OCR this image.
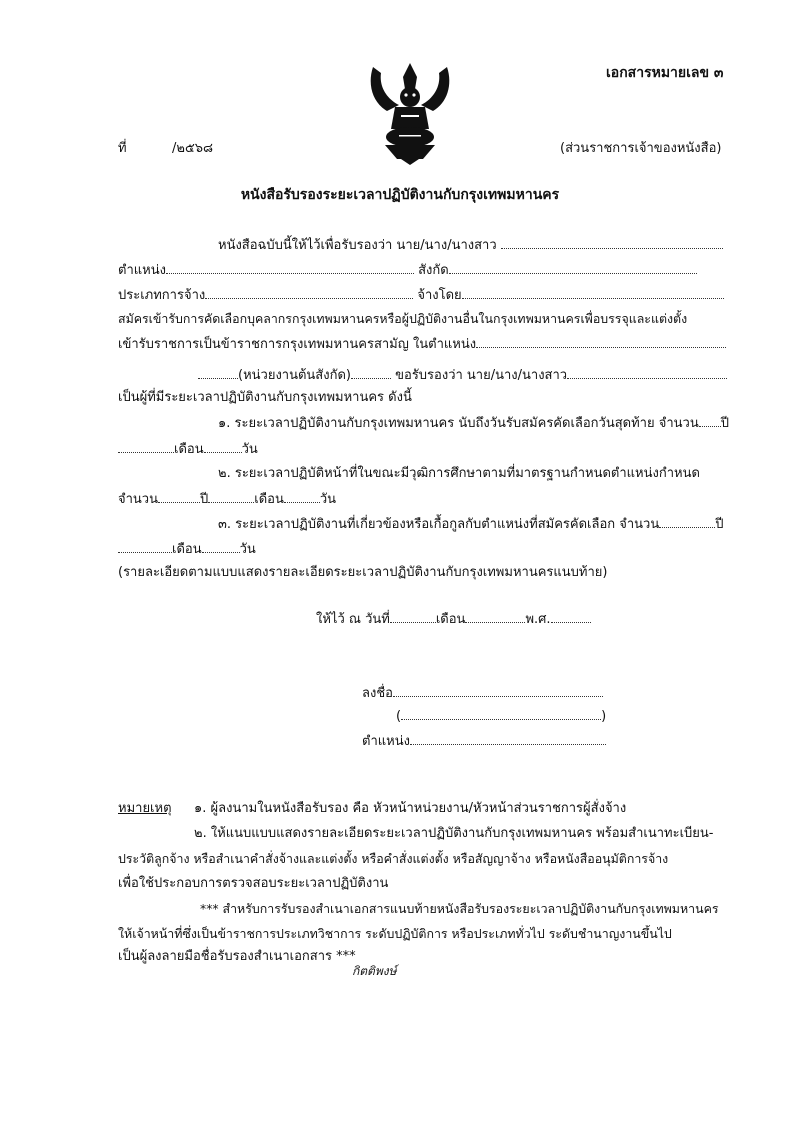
เอกสารหมายเลข ๓
ที่	/๒๕๖๘	(ส่วนราชการเจ้าของหนังสือ)
หนังสือรับรองระยะเวลาปฏิบัติงานกับกรุงเทพมหานคร
หนังสือฉบับนี้ให้ไว้เพื่อรับรองว่า นาย/นาง/นางสาว
ตำแหน่ง	สังกัด
ประเภทการจ้าง	จ้างโดย
สมัครเข้ารับการคัดเลือกบุคลากรกรุงเทพมหานครหรือผู้ปฏิบัติงานอื่นในกรุงเทพมหานครเพื่อบรรจุและแต่งตั้ง
เข้ารับราชการเป็นข้าราชการกรุงเทพมหานครสามัญ ในตำแหน่ง
(หน่วยงานต้นสังกัด)	ขอรับรองว่า นาย/นาง/นางสาว
เป็นผู้ที่มีระยะเวลาปฏิบัติงานกับกรุงเทพมหานคร ดังนี้
๑. ระยะเวลาปฏิบัติงานกับกรุงเทพมหานคร นับถึงวันรับสมัครคัดเลือกวันสุดท้าย จำนวน ปี
เดือน	วัน
๒. ระยะเวลาปฏิบัติหน้าที่ในขณะมีวุฒิการศึกษาตามที่มาตรฐานกำหนดตำแหน่งกำหนด
จำนวน	ปี	เดือน	วัน
๓. ระยะเวลาปฏิบัติงานที่เกี่ยวข้องหรือเกื้อกูลกับตำแหน่งที่สมัครคัดเลือก จำนวน	ปี
เดือน	วัน
(รายละเอียดตามแบบแสดงรายละเอียดระยะเวลาปฏิบัติงานกับกรุงเทพมหานครแนบท้าย)
ให้ไว้ ณ วันที่	เดือน	พ.ศ.
ลงชื่อ
(	)
ตำแหน่ง
หมายเหตุ ๑. ผู้ลงนามในหนังสือรับรอง คือ หัวหน้าหน่วยงาน/หัวหน้าส่วนราชการผู้สั่งจ้าง
๒. ให้แนบแบบแสดงรายละเอียดระยะเวลาปฏิบัติงานกับกรุงเทพมหานคร พร้อมสำเนาทะเบียน-
ประวัติลูกจ้าง หรือสำเนาคำสั่งจ้างและแต่งตั้ง หรือคำสั่งแต่งตั้ง หรือสัญญาจ้าง หรือหนังสืออนุมัติการจ้าง
เพื่อใช้ประกอบการตรวจสอบระยะเวลาปฏิบัติงาน
*** สำหรับการรับรองสำเนาเอกสารแนบท้ายหนังสือรับรองระยะเวลาปฏิบัติงานกับกรุงเทพมหานคร
ให้เจ้าหน้าที่ซึ่งเป็นข้าราชการประเภทวิชาการ ระดับปฏิบัติการ หรือประเภททั่วไป ระดับชำนาญงานขึ้นไป
เป็นผู้ลงลายมือชื่อรับรองสำเนาเอกสาร ***
กิตติพงษ์
